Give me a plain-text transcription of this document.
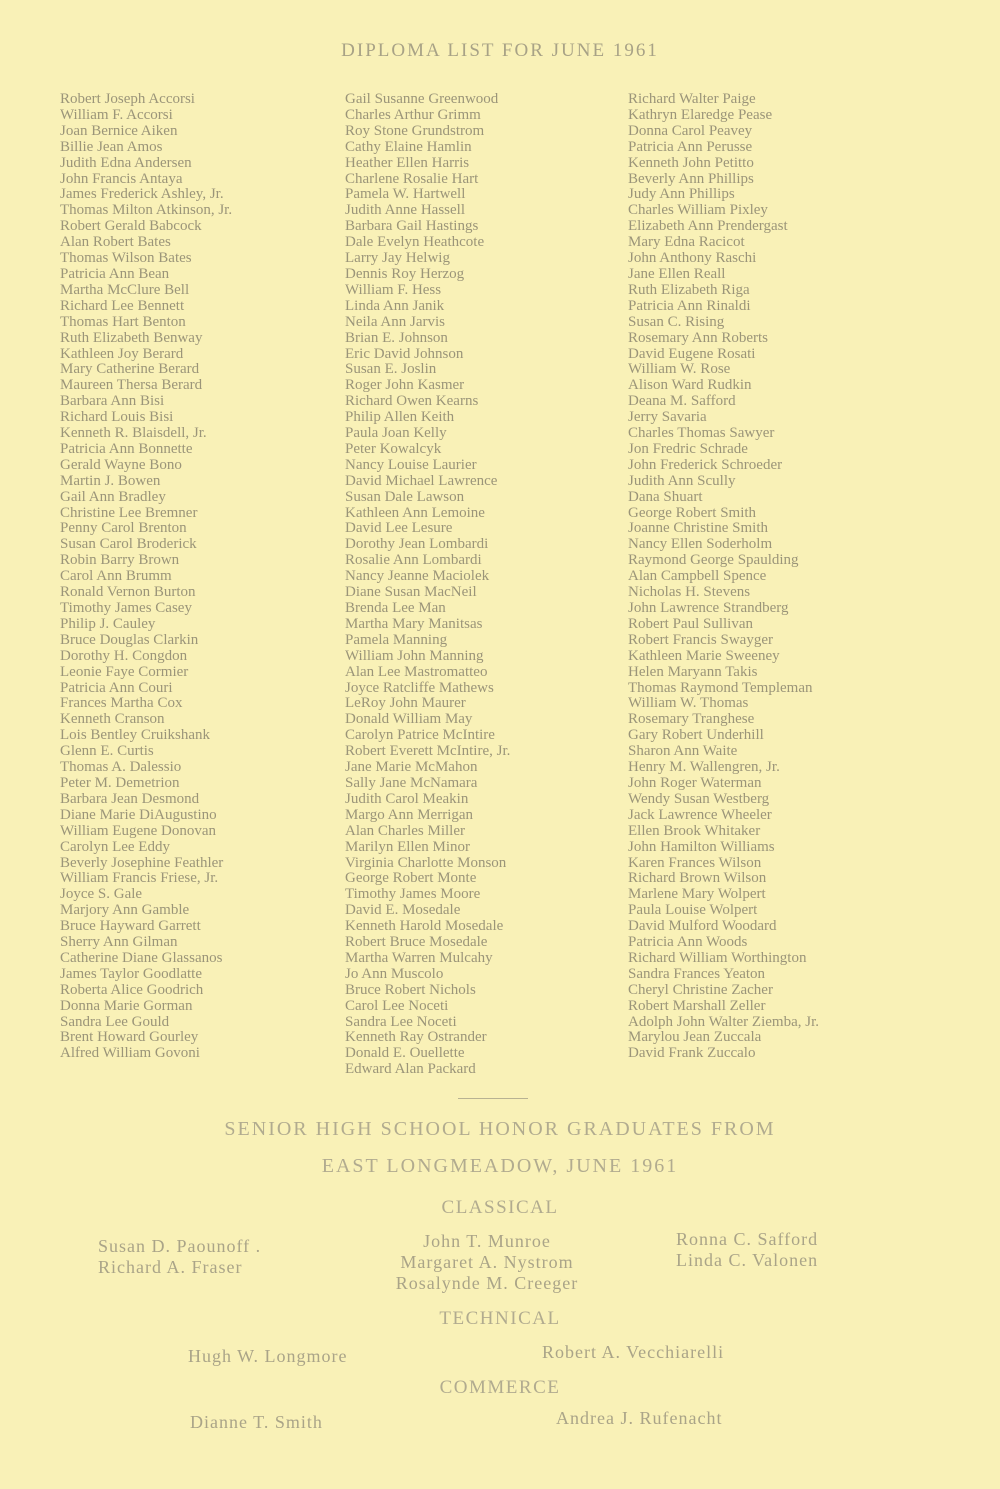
DIPLOMA LIST FOR JUNE 1961
Robert Joseph Accorsi
William F. Accorsi
Joan Bernice Aiken
Billie Jean Amos
Judith Edna Andersen
John Francis Antaya
James Frederick Ashley, Jr.
Thomas Milton Atkinson, Jr.
Robert Gerald Babcock
Alan Robert Bates
Thomas Wilson Bates
Patricia Ann Bean
Martha McClure Bell
Richard Lee Bennett
Thomas Hart Benton
Ruth Elizabeth Benway
Kathleen Joy Berard
Mary Catherine Berard
Maureen Thersa Berard
Barbara Ann Bisi
Richard Louis Bisi
Kenneth R. Blaisdell, Jr.
Patricia Ann Bonnette
Gerald Wayne Bono
Martin J. Bowen
Gail Ann Bradley
Christine Lee Bremner
Penny Carol Brenton
Susan Carol Broderick
Robin Barry Brown
Carol Ann Brumm
Ronald Vernon Burton
Timothy James Casey
Philip J. Cauley
Bruce Douglas Clarkin
Dorothy H. Congdon
Leonie Faye Cormier
Patricia Ann Couri
Frances Martha Cox
Kenneth Cranson
Lois Bentley Cruikshank
Glenn E. Curtis
Thomas A. Dalessio
Peter M. Demetrion
Barbara Jean Desmond
Diane Marie DiAugustino
William Eugene Donovan
Carolyn Lee Eddy
Beverly Josephine Feathler
William Francis Friese, Jr.
Joyce S. Gale
Marjory Ann Gamble
Bruce Hayward Garrett
Sherry Ann Gilman
Catherine Diane Glassanos
James Taylor Goodlatte
Roberta Alice Goodrich
Donna Marie Gorman
Sandra Lee Gould
Brent Howard Gourley
Alfred William Govoni
Gail Susanne Greenwood
Charles Arthur Grimm
Roy Stone Grundstrom
Cathy Elaine Hamlin
Heather Ellen Harris
Charlene Rosalie Hart
Pamela W. Hartwell
Judith Anne Hassell
Barbara Gail Hastings
Dale Evelyn Heathcote
Larry Jay Helwig
Dennis Roy Herzog
William F. Hess
Linda Ann Janik
Neila Ann Jarvis
Brian E. Johnson
Eric David Johnson
Susan E. Joslin
Roger John Kasmer
Richard Owen Kearns
Philip Allen Keith
Paula Joan Kelly
Peter Kowalcyk
Nancy Louise Laurier
David Michael Lawrence
Susan Dale Lawson
Kathleen Ann Lemoine
David Lee Lesure
Dorothy Jean Lombardi
Rosalie Ann Lombardi
Nancy Jeanne Maciolek
Diane Susan MacNeil
Brenda Lee Man
Martha Mary Manitsas
Pamela Manning
William John Manning
Alan Lee Mastromatteo
Joyce Ratcliffe Mathews
LeRoy John Maurer
Donald William May
Carolyn Patrice McIntire
Robert Everett McIntire, Jr.
Jane Marie McMahon
Sally Jane McNamara
Judith Carol Meakin
Margo Ann Merrigan
Alan Charles Miller
Marilyn Ellen Minor
Virginia Charlotte Monson
George Robert Monte
Timothy James Moore
David E. Mosedale
Kenneth Harold Mosedale
Robert Bruce Mosedale
Martha Warren Mulcahy
Jo Ann Muscolo
Bruce Robert Nichols
Carol Lee Noceti
Sandra Lee Noceti
Kenneth Ray Ostrander
Donald E. Ouellette
Edward Alan Packard
Richard Walter Paige
Kathryn Elaredge Pease
Donna Carol Peavey
Patricia Ann Perusse
Kenneth John Petitto
Beverly Ann Phillips
Judy Ann Phillips
Charles William Pixley
Elizabeth Ann Prendergast
Mary Edna Racicot
John Anthony Raschi
Jane Ellen Reall
Ruth Elizabeth Riga
Patricia Ann Rinaldi
Susan C. Rising
Rosemary Ann Roberts
David Eugene Rosati
William W. Rose
Alison Ward Rudkin
Deana M. Safford
Jerry Savaria
Charles Thomas Sawyer
Jon Fredric Schrade
John Frederick Schroeder
Judith Ann Scully
Dana Shuart
George Robert Smith
Joanne Christine Smith
Nancy Ellen Soderholm
Raymond George Spaulding
Alan Campbell Spence
Nicholas H. Stevens
John Lawrence Strandberg
Robert Paul Sullivan
Robert Francis Swayger
Kathleen Marie Sweeney
Helen Maryann Takis
Thomas Raymond Templeman
William W. Thomas
Rosemary Tranghese
Gary Robert Underhill
Sharon Ann Waite
Henry M. Wallengren, Jr.
John Roger Waterman
Wendy Susan Westberg
Jack Lawrence Wheeler
Ellen Brook Whitaker
John Hamilton Williams
Karen Frances Wilson
Richard Brown Wilson
Marlene Mary Wolpert
Paula Louise Wolpert
David Mulford Woodard
Patricia Ann Woods
Richard William Worthington
Sandra Frances Yeaton
Cheryl Christine Zacher
Robert Marshall Zeller
Adolph John Walter Ziemba, Jr.
Marylou Jean Zuccala
David Frank Zuccalo
SENIOR HIGH SCHOOL HONOR GRADUATES FROM
EAST LONGMEADOW, JUNE 1961
CLASSICAL
Susan D. Paounoff .
Richard A. Fraser
John T. Munroe
Margaret A. Nystrom
Rosalynde M. Creeger
Ronna C. Safford
Linda C. Valonen
TECHNICAL
Hugh W. Longmore	Robert A. Vecchiarelli
COMMERCE
Dianne T. Smith	Andrea J. Rufenacht
